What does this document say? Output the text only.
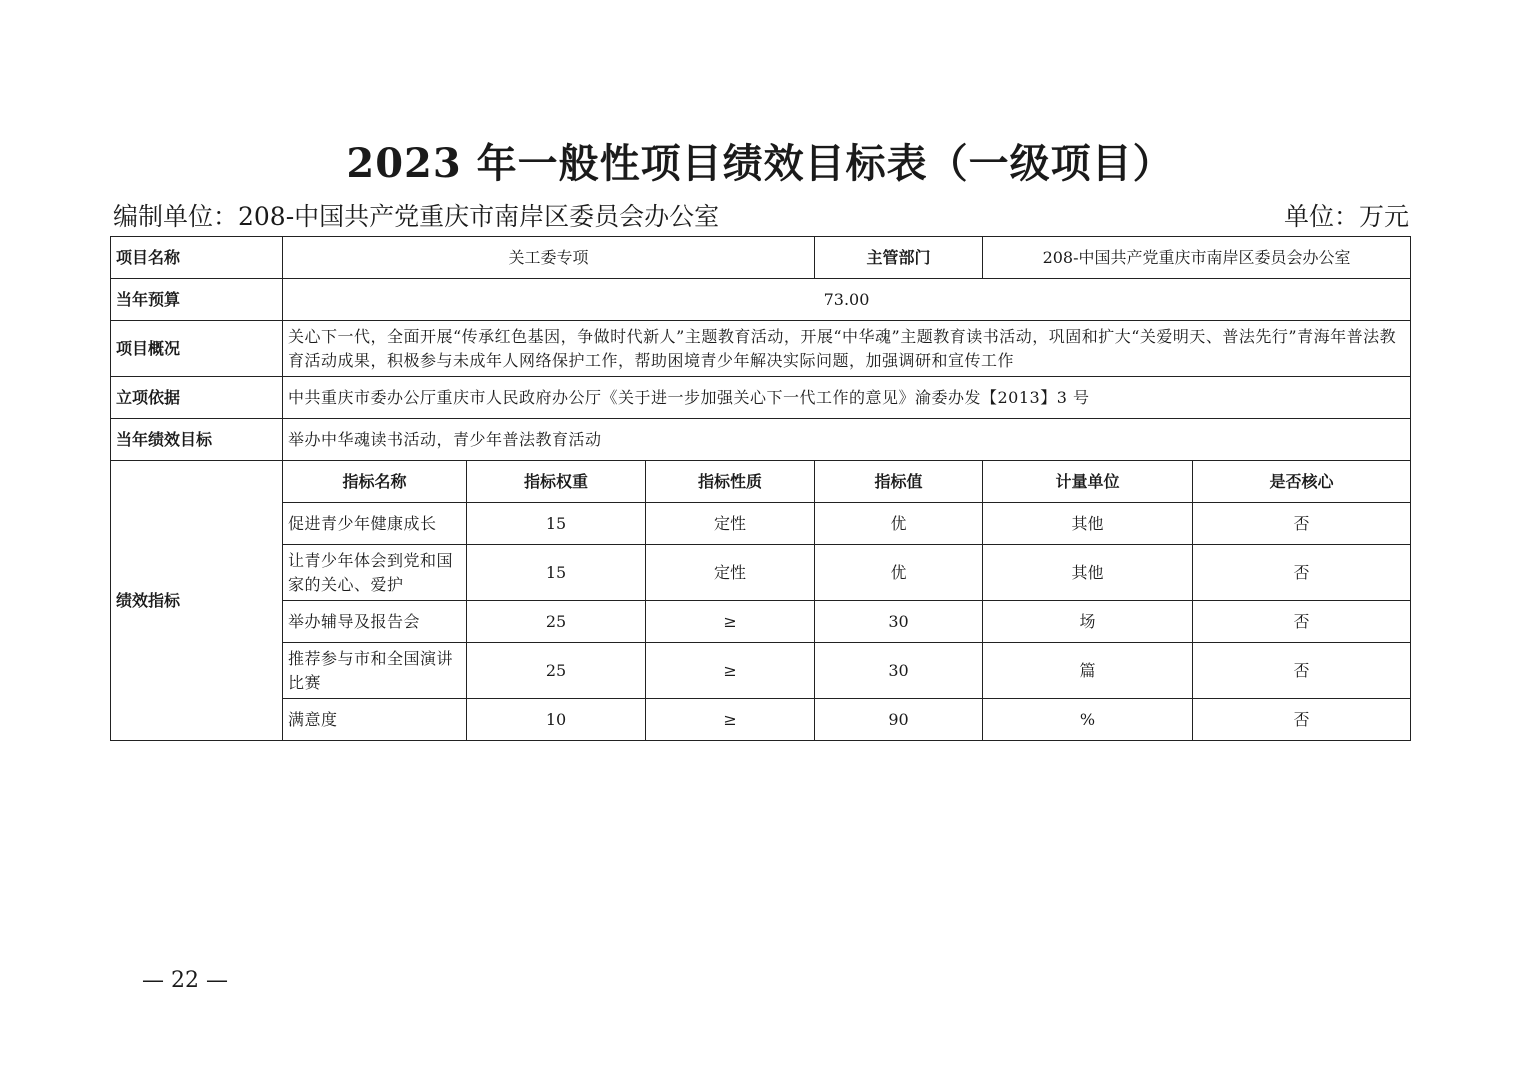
2023 年一般性项目绩效目标表（一级项目）
编制单位：208-中国共产党重庆市南岸区委员会办公室	单位：万元
项目名称	关工委专项			主管部门	208-中国共产党重庆市南岸区委员会办公室	
当年预算	73.00					
项目概况	关心下一代，全面开展“传承红色基因，争做时代新人”主题教育活动，开展“中华魂”主题教育读书活动，巩固和扩大“关爱明天、普法先行”青海年普法教育活动成果，积极参与未成年人网络保护工作，帮助困境青少年解决实际问题，加强调研和宣传工作					
立项依据	中共重庆市委办公厅重庆市人民政府办公厅《关于进一步加强关心下一代工作的意见》渝委办发【2013】3 号					
当年绩效目标	举办中华魂读书活动，青少年普法教育活动					
绩效指标	指标名称	指标权重	指标性质	指标值	计量单位	是否核心
	促进青少年健康成长	15	定性	优	其他	否
	让青少年体会到党和国家的关心、爱护	15	定性	优	其他	否
	举办辅导及报告会	25	≥	30	场	否
	推荐参与市和全国演讲比赛	25	≥	30	篇	否
	满意度	10	≥	90	%	否
— 22 —
